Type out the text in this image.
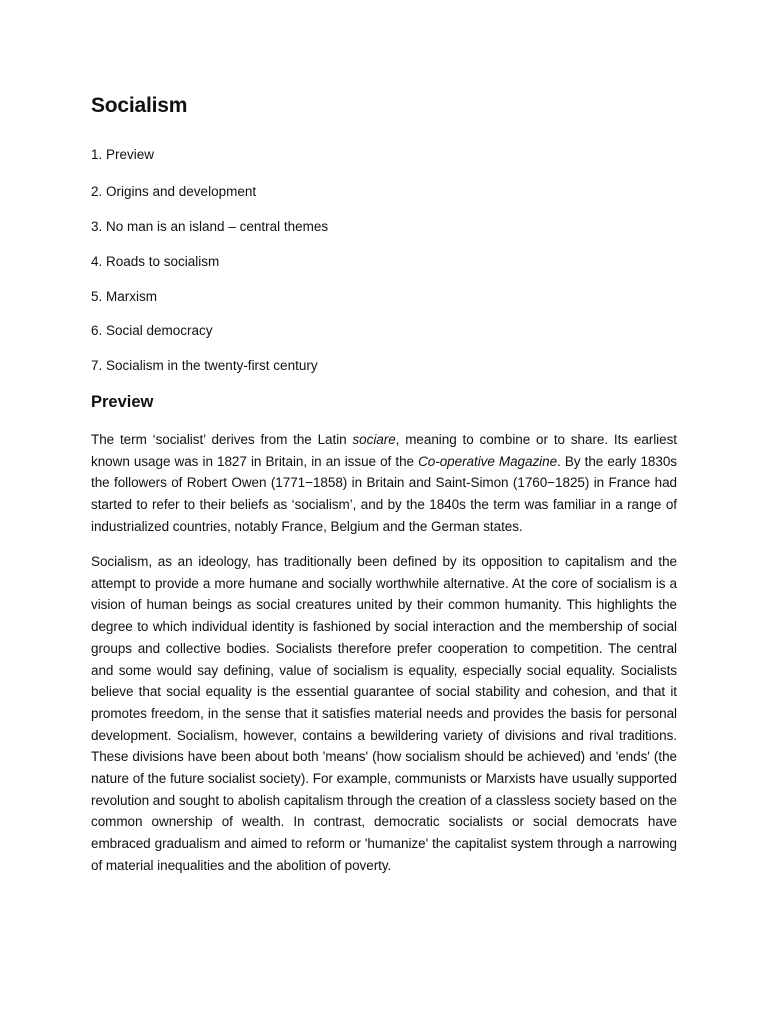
Socialism
1. Preview
2. Origins and development
3. No man is an island – central themes
4. Roads to socialism
5. Marxism
6. Social democracy
7. Socialism in the twenty-first century
Preview

The term ‘socialist’ derives from the Latin sociare, meaning to combine or to share. Its earliest known usage was in 1827 in Britain, in an issue of the Co-operative Magazine. By the early 1830s the followers of Robert Owen (1771−1858) in Britain and Saint-Simon (1760−1825) in France had started to refer to their beliefs as ‘socialism’, and by the 1840s the term was familiar in a range of industrialized countries, notably France, Belgium and the German states.

Socialism, as an ideology, has traditionally been defined by its opposition to capitalism and the attempt to provide a more humane and socially worthwhile alternative. At the core of socialism is a vision of human beings as social creatures united by their common humanity. This highlights the degree to which individual identity is fashioned by social interaction and the membership of social groups and collective bodies. Socialists therefore prefer cooperation to competition. The central and some would say defining, value of socialism is equality, especially social equality. Socialists believe that social equality is the essential guarantee of social stability and cohesion, and that it promotes freedom, in the sense that it satisfies material needs and provides the basis for personal development. Socialism, however, contains a bewildering variety of divisions and rival traditions. These divisions have been about both 'means' (how socialism should be achieved) and 'ends' (the nature of the future socialist society). For example, communists or Marxists have usually supported revolution and sought to abolish capitalism through the creation of a classless society based on the common ownership of wealth. In contrast, democratic socialists or social democrats have embraced gradualism and aimed to reform or 'humanize' the capitalist system through a narrowing of material inequalities and the abolition of poverty.
